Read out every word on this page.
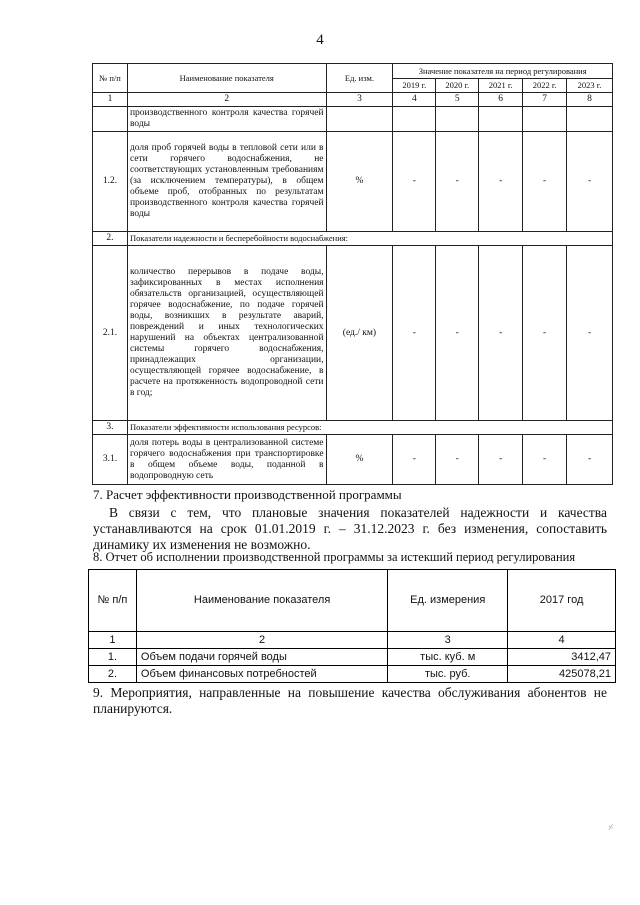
4
№ п/п	Наименование показателя	Ед. изм.	Значение показателя на период регулирования				
			2019 г.	2020 г.	2021 г.	2022 г.	2023 г.
1	2	3	4	5	6	7	8
	производственного контроля качества горячей воды						
1.2.	доля проб горячей воды в тепловой сети или в сети горячего водоснабжения, не соответствующих установленным требованиям (за исключением температуры), в общем объеме проб, отобранных по результатам производственного контроля качества горячей воды	%	-	-	-	-	-
2.	Показатели надежности и бесперебойности водоснабжения:						
2.1.	количество перерывов в подаче воды, зафиксированных в местах исполнения обязательств организацией, осуществляющей горячее водоснабжение, по подаче горячей воды, возникших в результате аварий, повреждений и иных технологических нарушений на объектах централизованной системы горячего водоснабжения, принадлежащих организации, осуществляющей горячее водоснабжение, в расчете на протяженность водопроводной сети в год;	(ед./ км)	-	-	-	-	-
3.	Показатели эффективности использования ресурсов:						
3.1.	доля потерь воды в централизованной системе горячего водоснабжения при транспортировке в общем объеме воды, поданной в водопроводную сеть	%	-	-	-	-	-
7. Расчет эффективности производственной программы
В связи с тем, что плановые значения показателей надежности и качества устанавливаются на срок 01.01.2019 г. – 31.12.2023 г. без изменения, сопоставить динамику их изменения не возможно.
8. Отчет об исполнении производственной программы за истекший период регулирования
№ п/п	Наименование показателя	Ед. измерения	2017 год
1	2	3	4
1.	Объем подачи горячей воды	тыс. куб. м	3412,47
2.	Объем финансовых потребностей	тыс. руб.	425078,21
9. Мероприятия, направленные на повышение качества обслуживания абонентов не планируются.
⸓
